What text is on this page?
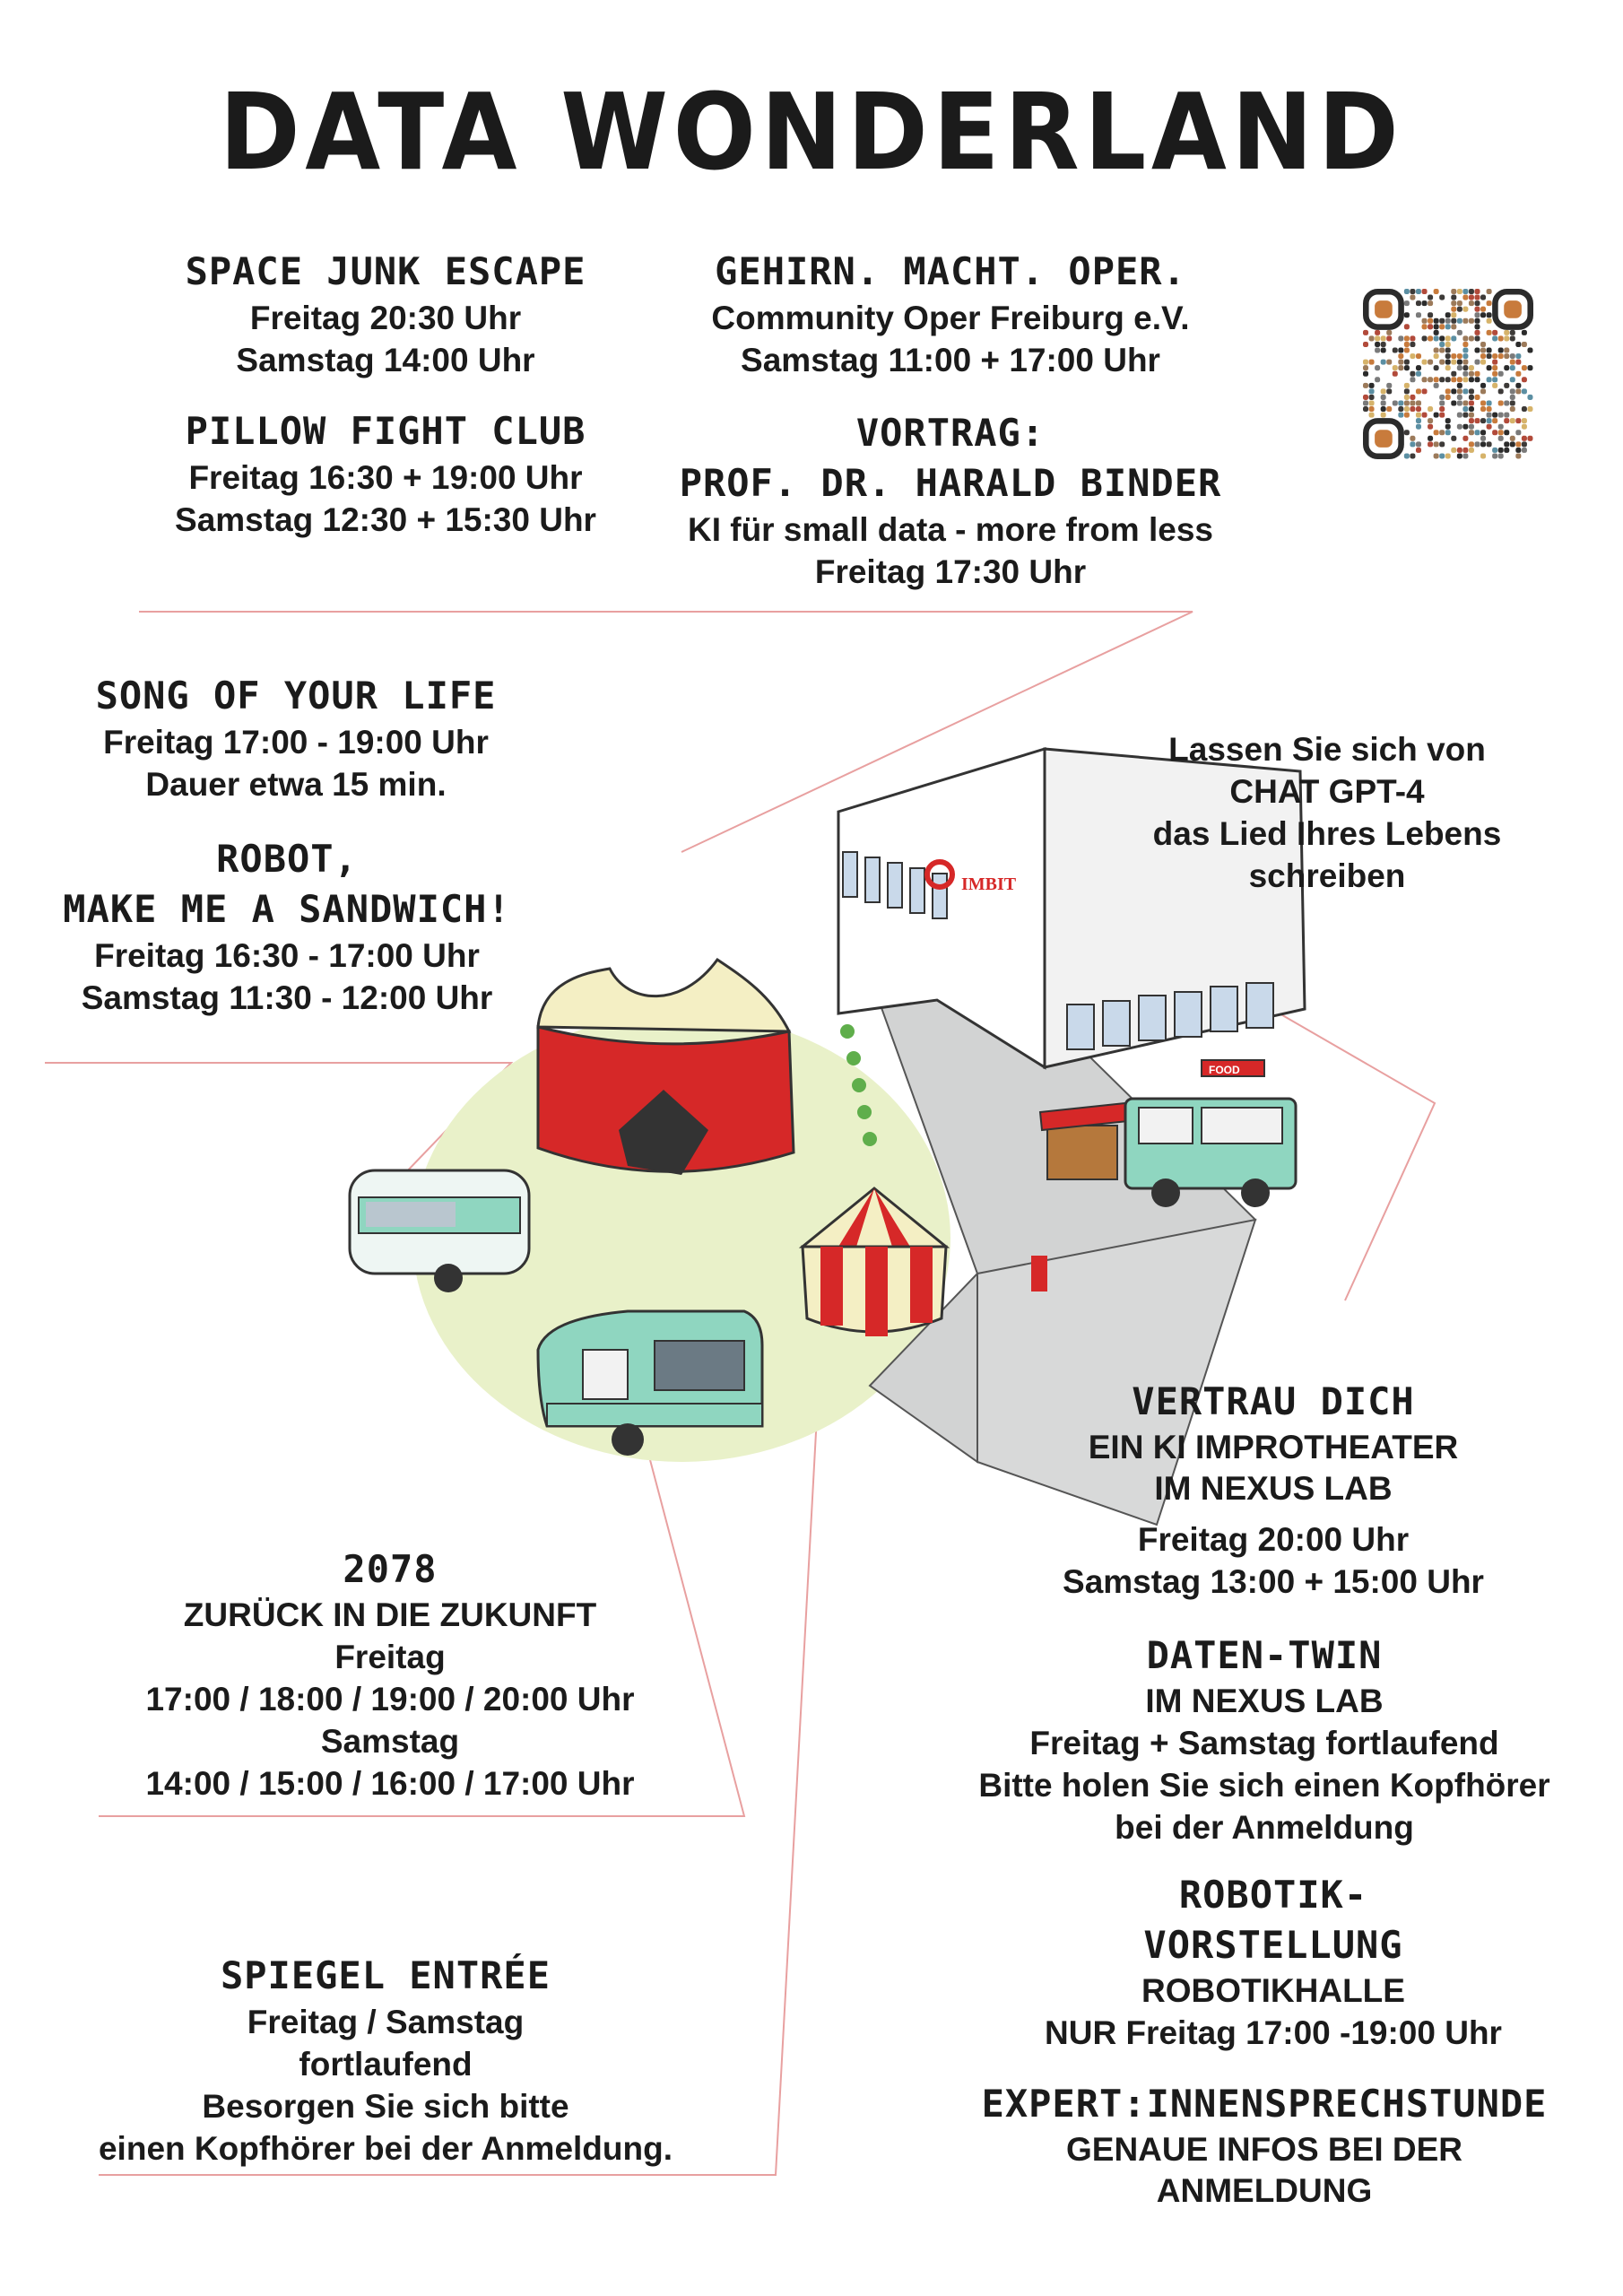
IMBIT
FOOD
DATA WONDERLAND
SPACE JUNK ESCAPE
Freitag 20:30 Uhr
Samstag 14:00 Uhr
PILLOW FIGHT CLUB
Freitag 16:30 + 19:00 Uhr
Samstag 12:30 + 15:30 Uhr
GEHIRN. MACHT. OPER.
Community Oper Freiburg e.V.
Samstag 11:00 + 17:00 Uhr
VORTRAG:
PROF. DR. HARALD BINDER
KI für small data - more from less
Freitag 17:30 Uhr
SONG OF YOUR LIFE
Freitag 17:00 - 19:00 Uhr
Dauer etwa 15 min.
ROBOT,
MAKE ME A SANDWICH!
Freitag 16:30 - 17:00 Uhr
Samstag 11:30 - 12:00 Uhr
Lassen Sie sich von
CHAT GPT-4
das Lied Ihres Lebens
schreiben
VERTRAU DICH
EIN KI IMPROTHEATER
IM NEXUS LAB
Freitag 20:00 Uhr
Samstag 13:00 + 15:00 Uhr
2078
ZURÜCK IN DIE ZUKUNFT
Freitag
17:00 / 18:00 / 19:00 / 20:00 Uhr
Samstag
14:00 / 15:00 / 16:00 / 17:00 Uhr
DATEN-TWIN
IM NEXUS LAB
Freitag + Samstag fortlaufend
Bitte holen Sie sich einen Kopfhörer
bei der Anmeldung
ROBOTIK-
VORSTELLUNG
ROBOTIKHALLE
NUR Freitag 17:00 -19:00 Uhr
SPIEGEL ENTRÉE
Freitag / Samstag
fortlaufend
Besorgen Sie sich bitte
einen Kopfhörer bei der Anmeldung.
EXPERT:INNENSPRECHSTUNDE
GENAUE INFOS BEI DER
ANMELDUNG
